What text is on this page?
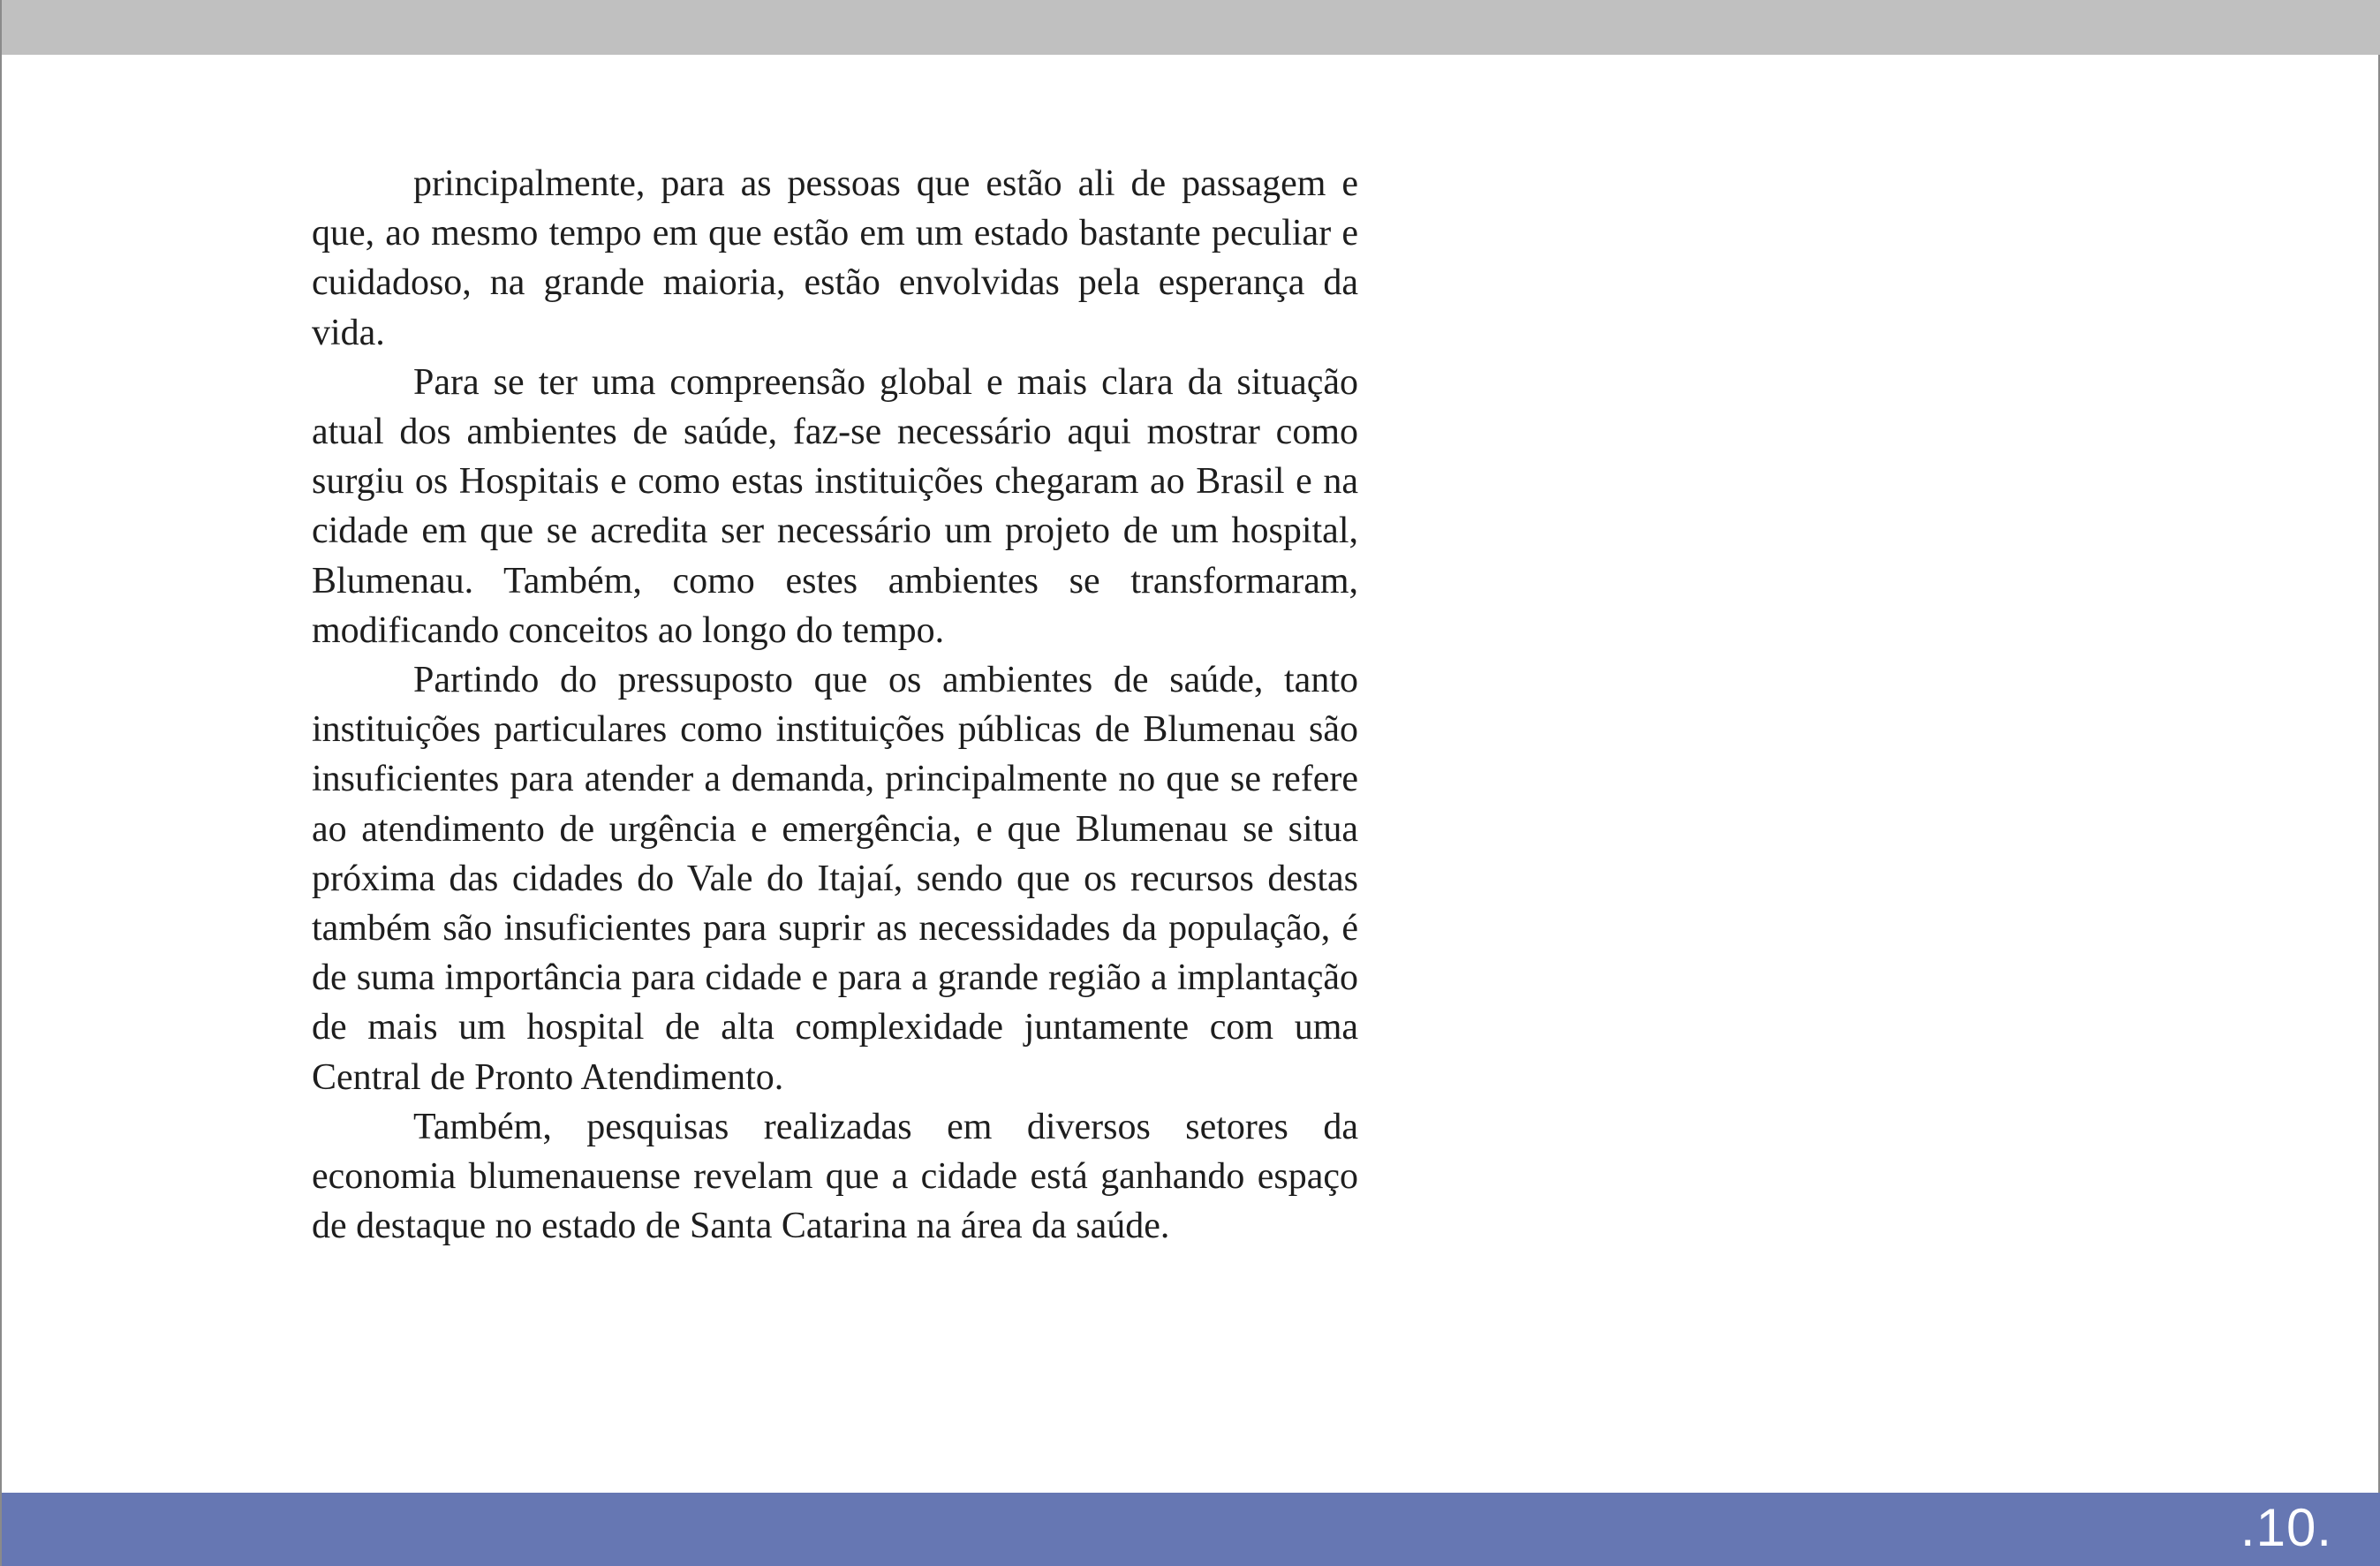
principalmente, para as pessoas que estão ali de passagem e que, ao mesmo tempo em que estão em um estado bastante peculiar e cuidadoso, na grande maioria, estão envolvidas pela esperança da vida.

Para se ter uma compreensão global e mais clara da situação atual dos ambientes de saúde, faz-se necessário aqui mostrar como surgiu os Hospitais e como estas instituições chegaram ao Brasil e na cidade em que se acredita ser necessário um projeto de um hospital, Blumenau. Também, como estes ambientes se transformaram, modificando conceitos ao longo do tempo.

Partindo do pressuposto que os ambientes de saúde, tanto instituições particulares como instituições públicas de Blumenau são insuficientes para atender a demanda, principalmente no que se refere ao atendimento de urgência e emergência, e que Blumenau se situa próxima das cidades do Vale do Itajaí, sendo que os recursos destas também são insuficientes para suprir as necessidades da população, é de suma importância para cidade e para a grande região a implantação de mais um hospital de alta complexidade juntamente com uma Central de Pronto Atendimento.

Também, pesquisas realizadas em diversos setores da economia blumenauense revelam que a cidade está ganhando espaço de destaque no estado de Santa Catarina na área da saúde.

.10.
